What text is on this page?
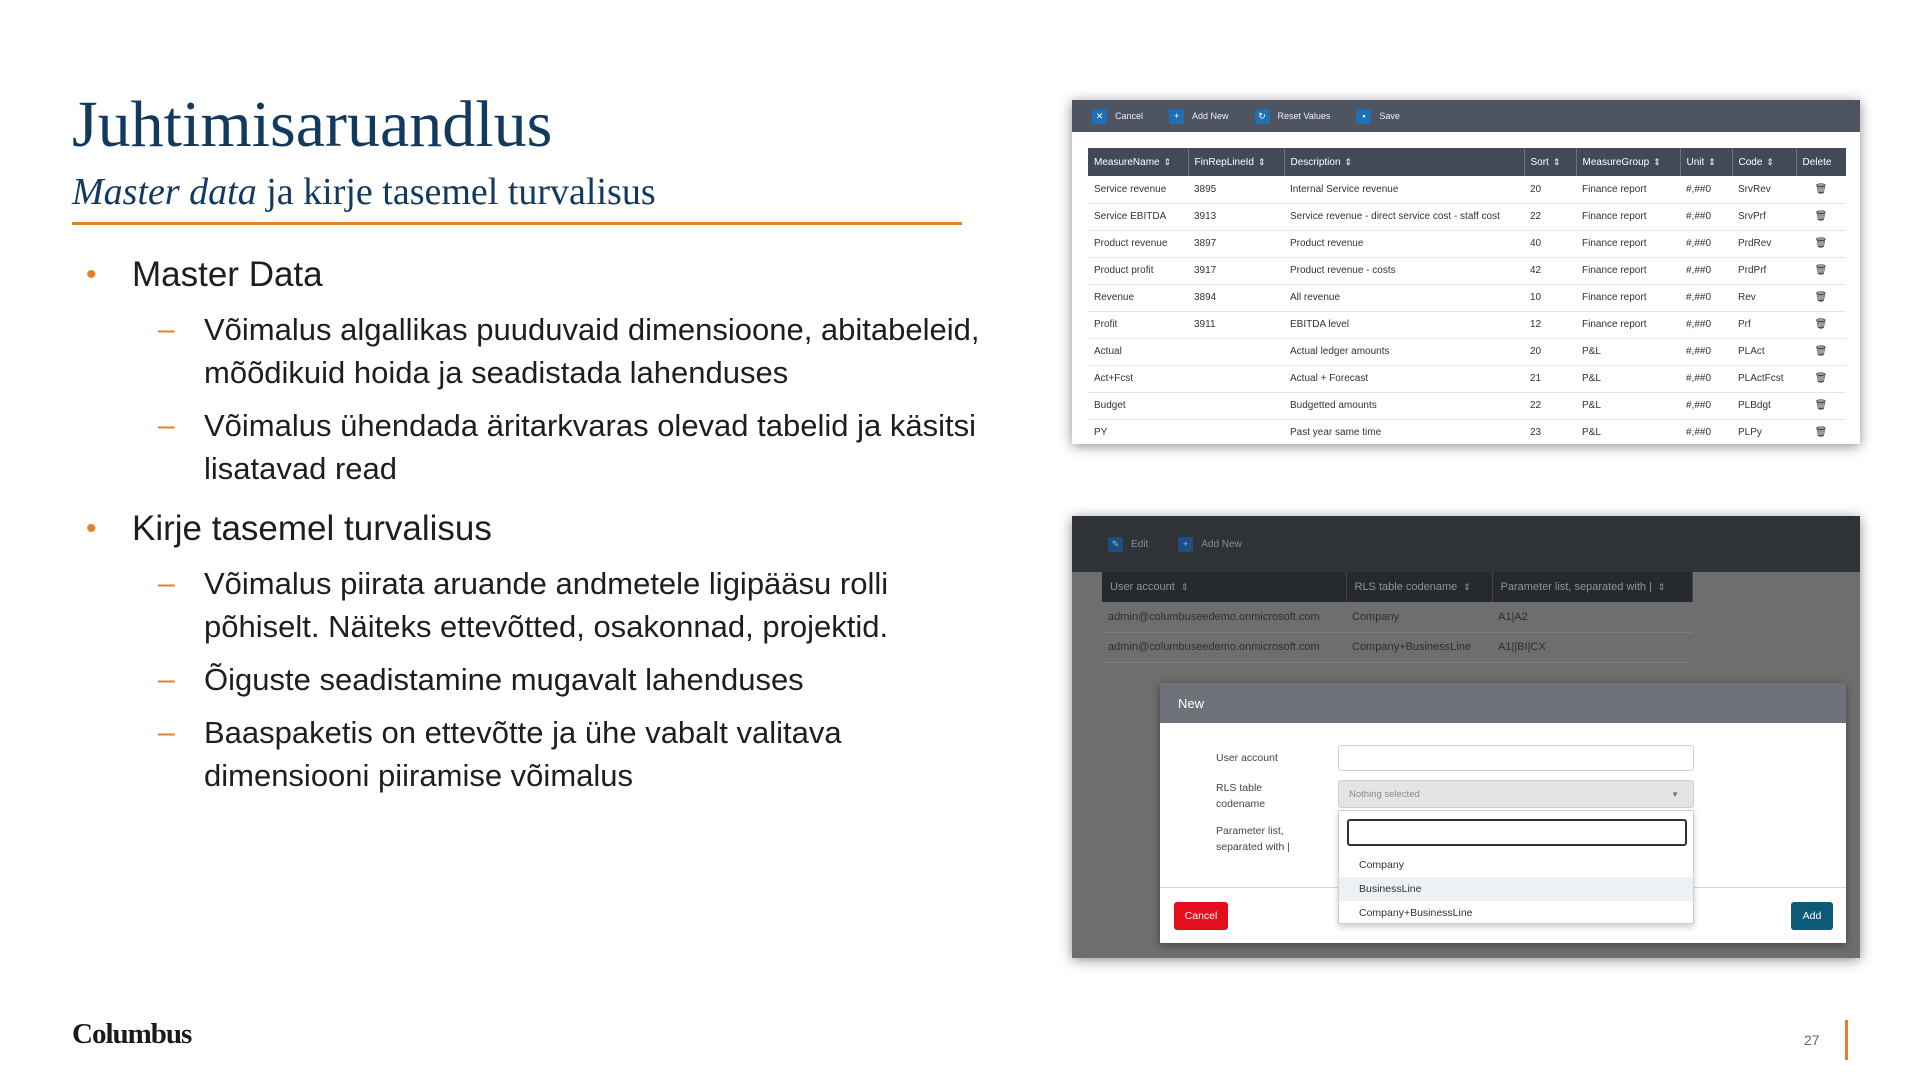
Juhtimisaruandlus
Master data ja kirje tasemel turvalisus
• Master Data
– Võimalus algallikas puuduvaid dimensioone, abitabeleid, mõõdikuid hoida ja seadistada lahenduses
– Võimalus ühendada äritarkvaras olevad tabelid ja käsitsi lisatavad read
• Kirje tasemel turvalisus
– Võimalus piirata aruande andmetele ligipääsu rolli põhiselt. Näiteks ettevõtted, osakonnad, projektid.
– Õiguste seadistamine mugavalt lahenduses
– Baaspaketis on ettevõtte ja ühe vabalt valitava dimensiooni piiramise võimalus
✕	Cancel	+	Add New	↻	Reset Values	▪	Save
MeasureName ⇕	FinRepLineId ⇕	Description ⇕	Sort ⇕	MeasureGroup ⇕	Unit ⇕	Code ⇕	Delete
Service revenue	3895	Internal Service revenue	20	Finance report	#,##0	SrvRev	🗑
Service EBITDA	3913	Service revenue - direct service cost - staff cost	22	Finance report	#,##0	SrvPrf	🗑
Product revenue	3897	Product revenue	40	Finance report	#,##0	PrdRev	🗑
Product profit	3917	Product revenue - costs	42	Finance report	#,##0	PrdPrf	🗑
Revenue	3894	All revenue	10	Finance report	#,##0	Rev	🗑
Profit	3911	EBITDA level	12	Finance report	#,##0	Prf	🗑
Actual		Actual ledger amounts	20	P&L	#,##0	PLAct	🗑
Act+Fcst		Actual + Forecast	21	P&L	#,##0	PLActFcst	🗑
Budget		Budgetted amounts	22	P&L	#,##0	PLBdgt	🗑
PY		Past year same time	23	P&L	#,##0	PLPy	🗑
✎	Edit	+	Add New
User account ⇕	RLS table codename ⇕	Parameter list, separated with | ⇕
admin@columbuseedemo.onmicrosoft.com	Company	A1|A2
admin@columbuseedemo.onmicrosoft.com	Company+BusinessLine	A1||BI|CX
New
User account
RLS table
codename
Nothing selected	▼
Parameter list,
separated with |
Cancel	Add
Company
BusinessLine
Company+BusinessLine
Columbus	27
